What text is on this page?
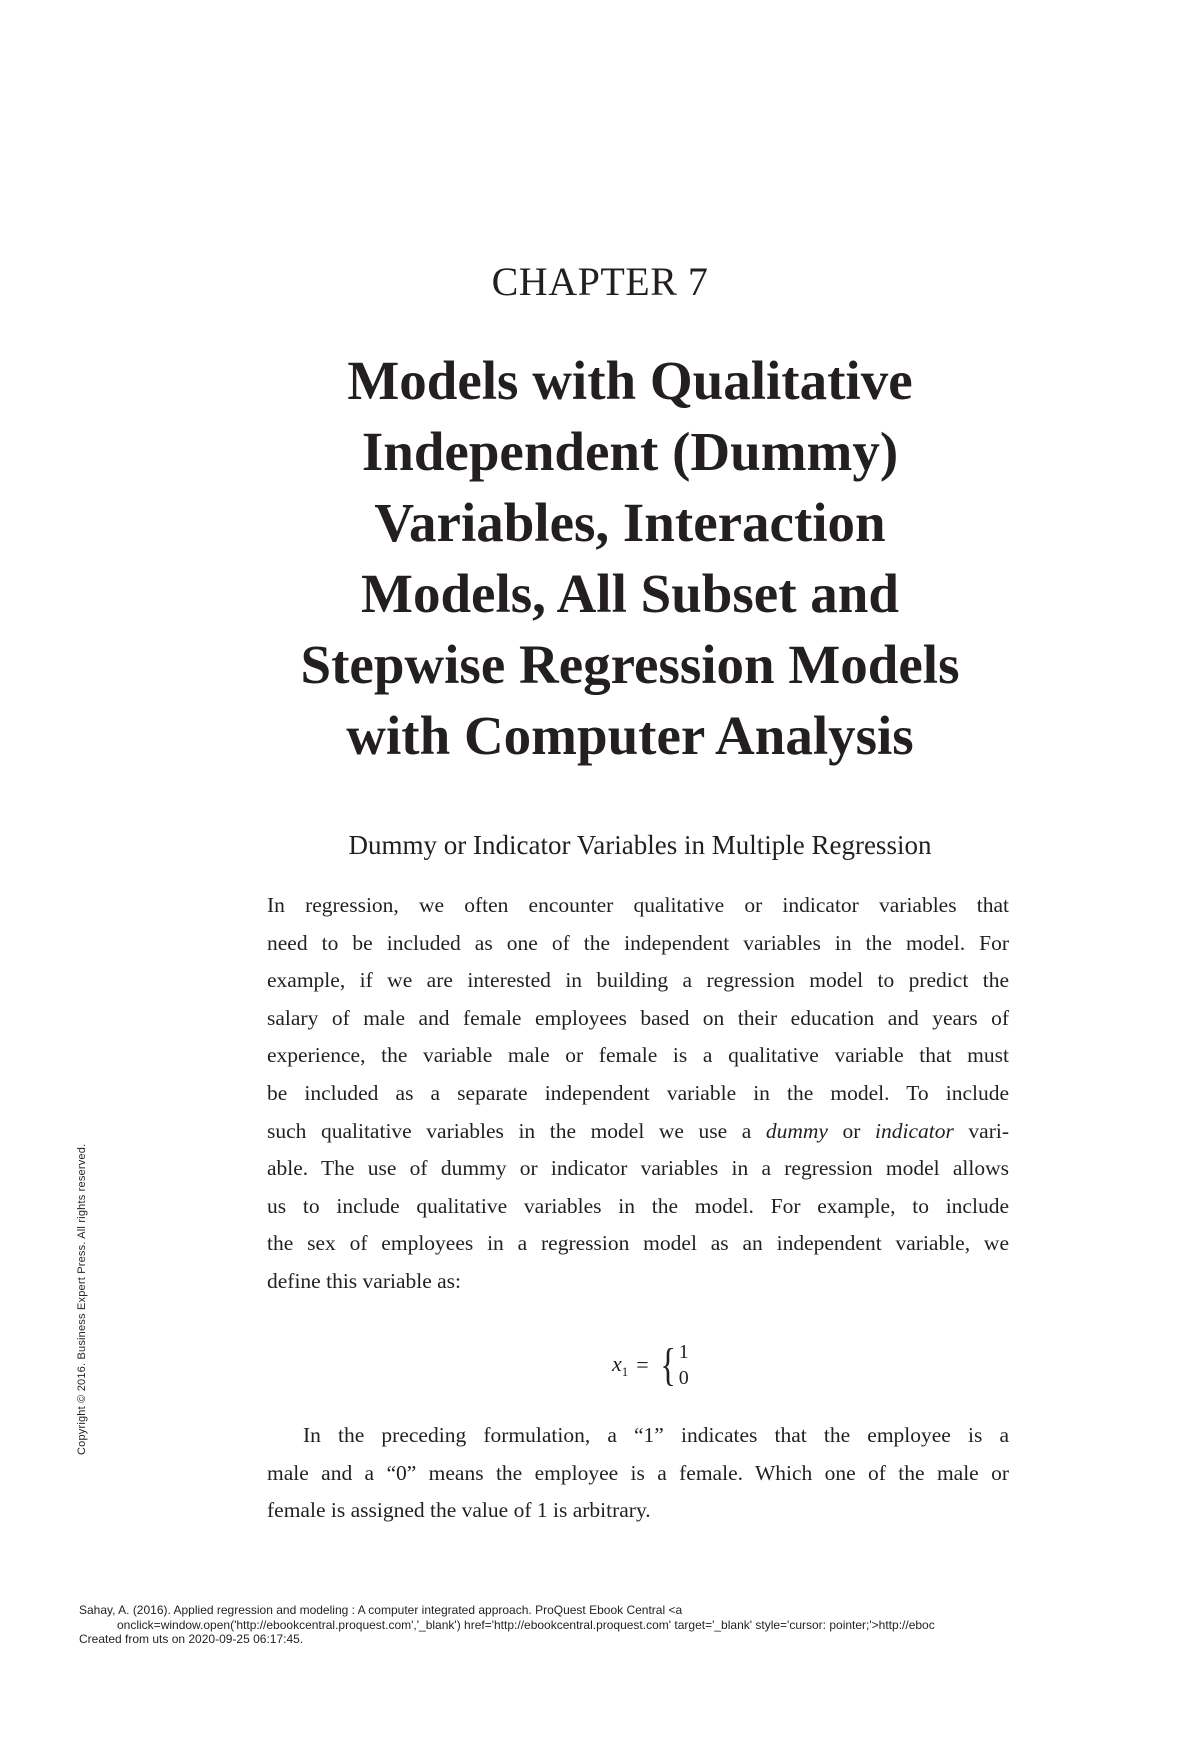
CHAPTER 7
Models with Qualitative
Independent (Dummy)
Variables, Interaction
Models, All Subset and
Stepwise Regression Models
with Computer Analysis
Dummy or Indicator Variables in Multiple Regression
In regression, we often encounter qualitative or indicator variables that
need to be included as one of the independent variables in the model. For
example, if we are interested in building a regression model to predict the
salary of male and female employees based on their education and years of
experience, the variable male or female is a qualitative variable that must
be included as a separate independent variable in the model. To include
such qualitative variables in the model we use a dummy or indicator vari-
able. The use of dummy or indicator variables in a regression model allows
us to include qualitative variables in the model. For example, to include
the sex of employees in a regression model as an independent variable, we
define this variable as:
$x_1$ = { 1
0
In the preceding formulation, a “1” indicates that the employee is a
male and a “0” means the employee is a female. Which one of the male or
female is assigned the value of 1 is arbitrary.
Copyright © 2016. Business Expert Press. All rights reserved.
Sahay, A. (2016). Applied regression and modeling : A computer integrated approach. ProQuest Ebook Central <a
onclick=window.open('http://ebookcentral.proquest.com','_blank') href='http://ebookcentral.proquest.com' target='_blank' style='cursor: pointer;'>http://eboc
Created from uts on 2020-09-25 06:17:45.
